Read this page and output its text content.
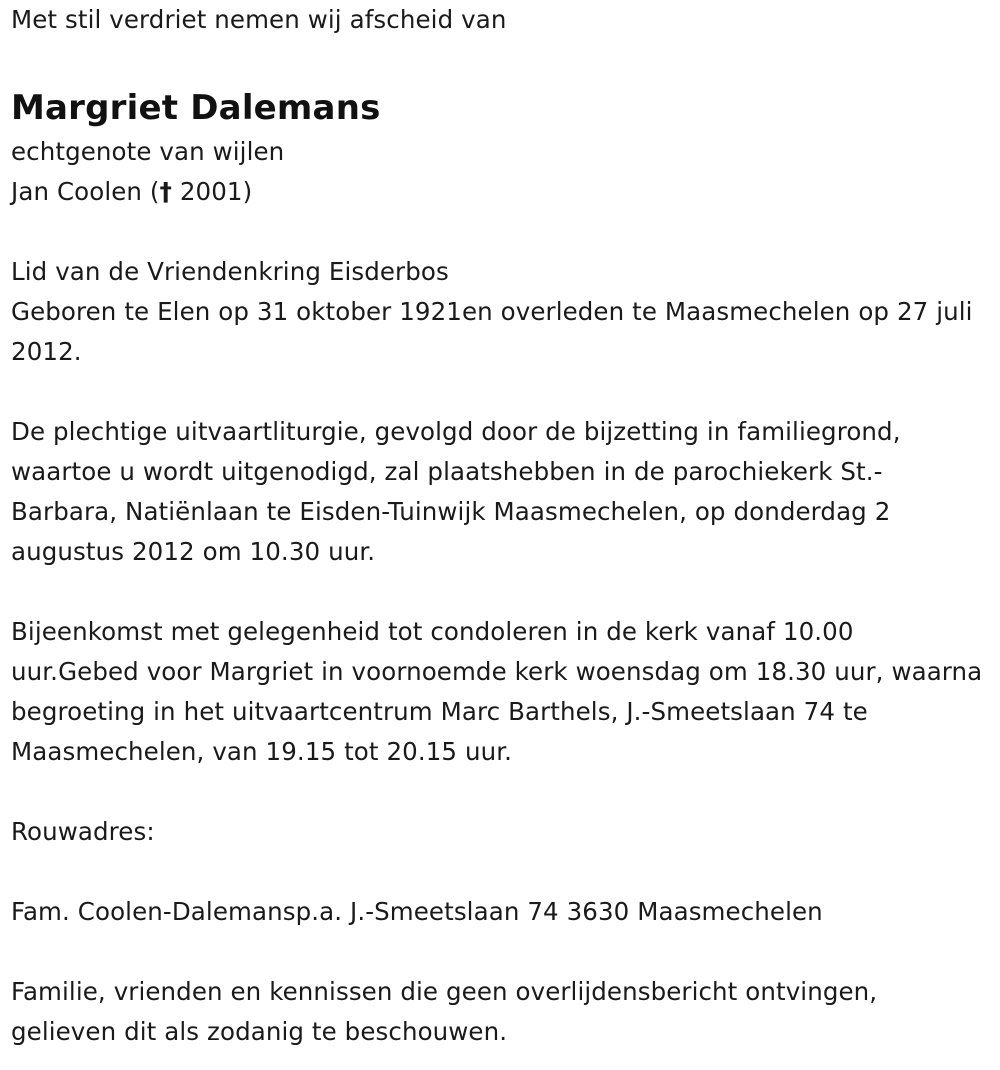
Met stil verdriet nemen wij afscheid van
Margriet Dalemans
echtgenote van wijlen
Jan Coolen († 2001)
Lid van de Vriendenkring Eisderbos
Geboren te Elen op 31 oktober 1921en overleden te Maasmechelen op 27 juli 2012.
De plechtige uitvaartliturgie, gevolgd door de bijzetting in familiegrond, waartoe u wordt uitgenodigd, zal plaatshebben in de parochiekerk St.-Barbara, Natiënlaan te Eisden-Tuinwijk Maasmechelen, op donderdag 2 augustus 2012 om 10.30 uur.
Bijeenkomst met gelegenheid tot condoleren in de kerk vanaf 10.00 uur.Gebed voor Margriet in voornoemde kerk woensdag om 18.30 uur, waarna begroeting in het uitvaartcentrum Marc Barthels, J.-Smeetslaan 74 te Maasmechelen, van 19.15 tot 20.15 uur.
Rouwadres:
Fam. Coolen-Dalemansp.a. J.-Smeetslaan 74 3630 Maasmechelen
Familie, vrienden en kennissen die geen overlijdensbericht ontvingen, gelieven dit als zodanig te beschouwen.
